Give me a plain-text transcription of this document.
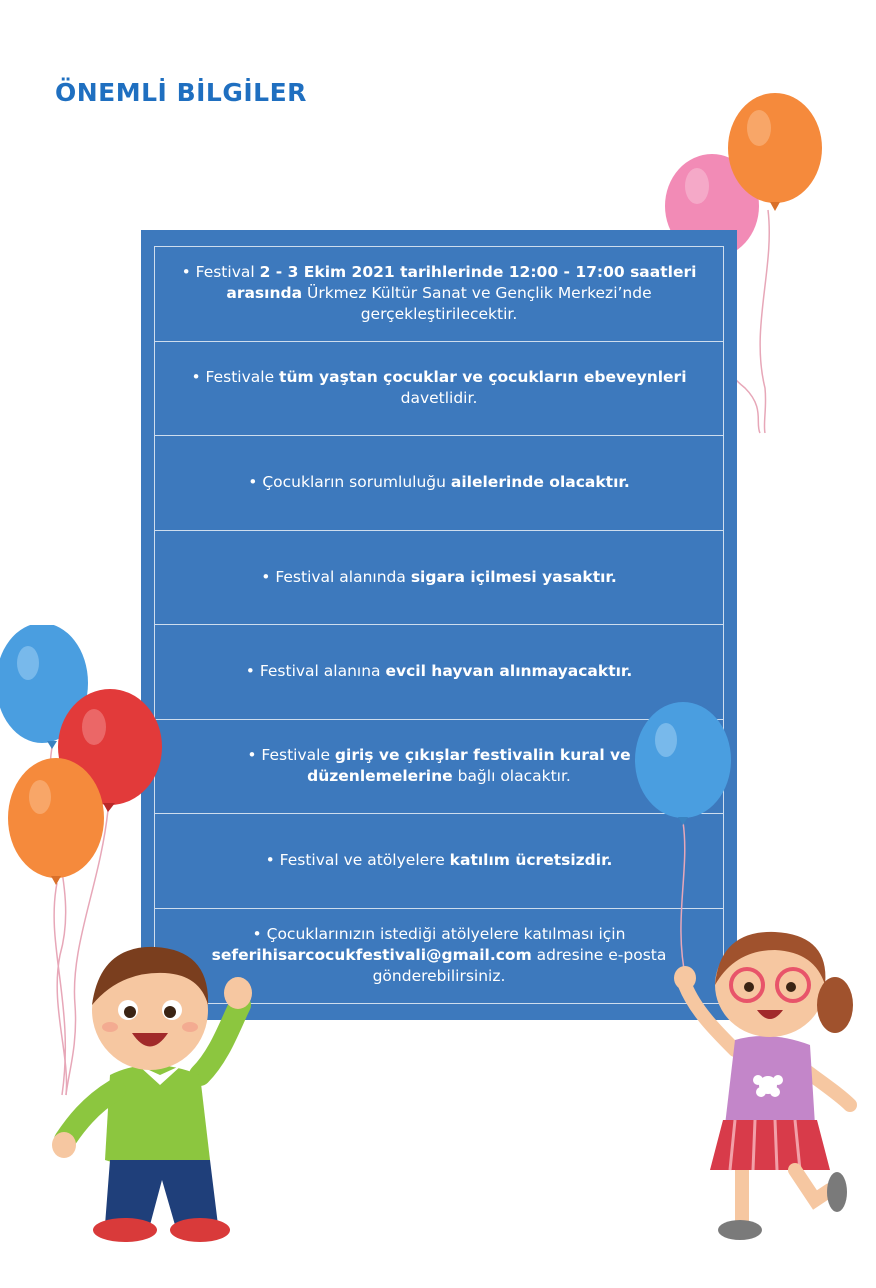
ÖNEMLİ BİLGİLER
• Festival 2 - 3 Ekim 2021 tarihlerinde 12:00 - 17:00 saatleri arasında Ürkmez Kültür Sanat ve Gençlik Merkezi’nde gerçekleştirilecektir.
• Festivale tüm yaştan çocuklar ve çocukların ebeveynleri davetlidir.
• Çocukların sorumluluğu ailelerinde olacaktır.
• Festival alanında sigara içilmesi yasaktır.
• Festival alanına evcil hayvan alınmayacaktır.
• Festivale giriş ve çıkışlar festivalin kural ve düzenlemelerine bağlı olacaktır.
• Festival ve atölyelere katılım ücretsizdir.
• Çocuklarınızın istediği atölyelere katılması için seferihisarcocukfestivali@gmail.com adresine e-posta gönderebilirsiniz.
